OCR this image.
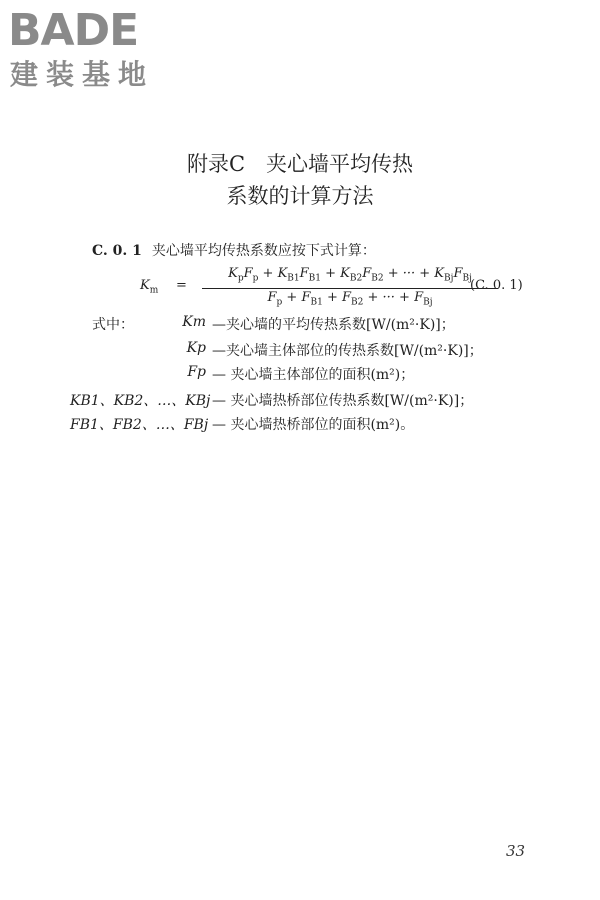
BADE
建装基地
附录C　夹心墙平均传热
系数的计算方法
C. 0. 1 夹心墙平均传热系数应按下式计算：
$K_m$ =
$K_pF_p + K_{B1}F_{B1} + K_{B2}F_{B2}$ + ··· + $K_{Bj}F_{Bj}$
$F_p + F_{B1} + F_{B2}$ + ··· + $F_{Bj}$
(C. 0. 1)
式中：	Km —夹心墙的平均传热系数[W/(m²·K)]；
Kp —夹心墙主体部位的传热系数[W/(m²·K)]；
Fp — 夹心墙主体部位的面积(m²)；
KB1、KB2、…、KBj — 夹心墙热桥部位传热系数[W/(m²·K)]；
FB1、FB2、…、FBj — 夹心墙热桥部位的面积(m²)。
33
